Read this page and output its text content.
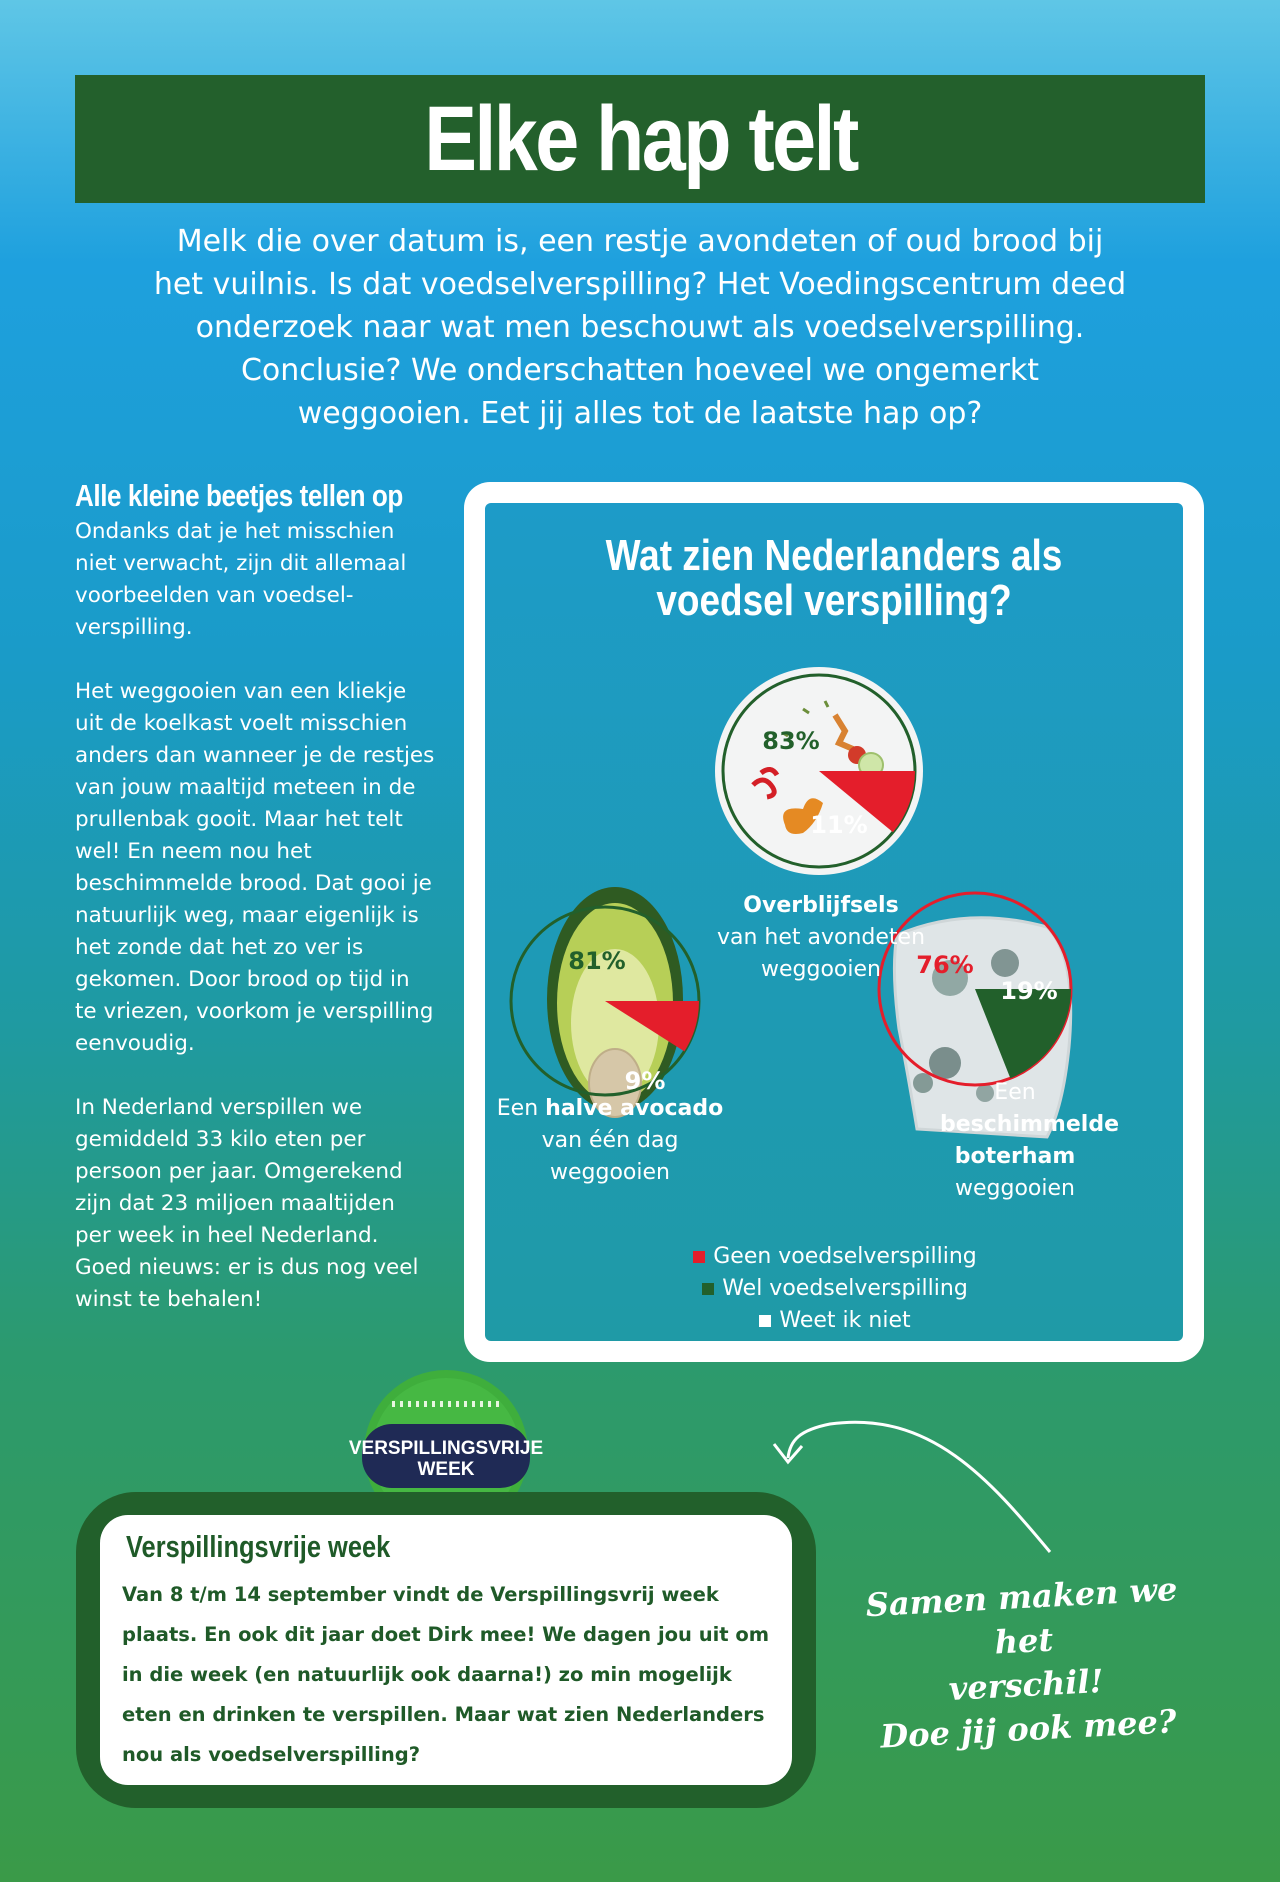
Elke hap telt
Melk die over datum is, een restje avondeten of oud brood bij het vuilnis. Is dat voedselverspilling? Het Voedingscentrum deed onderzoek naar wat men beschouwt als voedselverspilling. Conclusie? We onderschatten hoeveel we ongemerkt weggooien. Eet jij alles tot de laatste hap op?
Alle kleine beetjes tellen op

Ondanks dat je het misschien niet verwacht, zijn dit allemaal voorbeelden van voedsel-verspilling.

Het weggooien van een kliekje uit de koelkast voelt misschien anders dan wanneer je de restjes van jouw maaltijd meteen in de prullenbak gooit. Maar het telt wel! En neem nou het beschimmelde brood. Dat gooi je natuurlijk weg, maar eigenlijk is het zonde dat het zo ver is gekomen. Door brood op tijd in te vriezen, voorkom je verspilling eenvoudig.

In Nederland verspillen we gemiddeld 33 kilo eten per persoon per jaar. Omgerekend zijn dat 23 miljoen maaltijden per week in heel Nederland. Goed nieuws: er is dus nog veel winst te behalen!

83%
11%
81%
9%
76%
19%
Wat zien Nederlanders als voedsel verspilling?
Overblijfsels
van het avondeten weggooien
Een halve avocado
van één dag weggooien
Een
beschimmelde boterham
weggooien
Geen voedselverspilling
Wel voedselverspilling
Weet ik niet
VERSPILLINGSVRIJE
WEEK
Verspillingsvrije week

Van 8 t/m 14 september vindt de Verspillingsvrij week plaats. En ook dit jaar doet Dirk mee! We dagen jou uit om in die week (en natuurlijk ook daarna!) zo min mogelijk eten en drinken te verspillen. Maar wat zien Nederlanders nou als voedselverspilling?

Samen maken we het
verschil!
Doe jij ook mee?
